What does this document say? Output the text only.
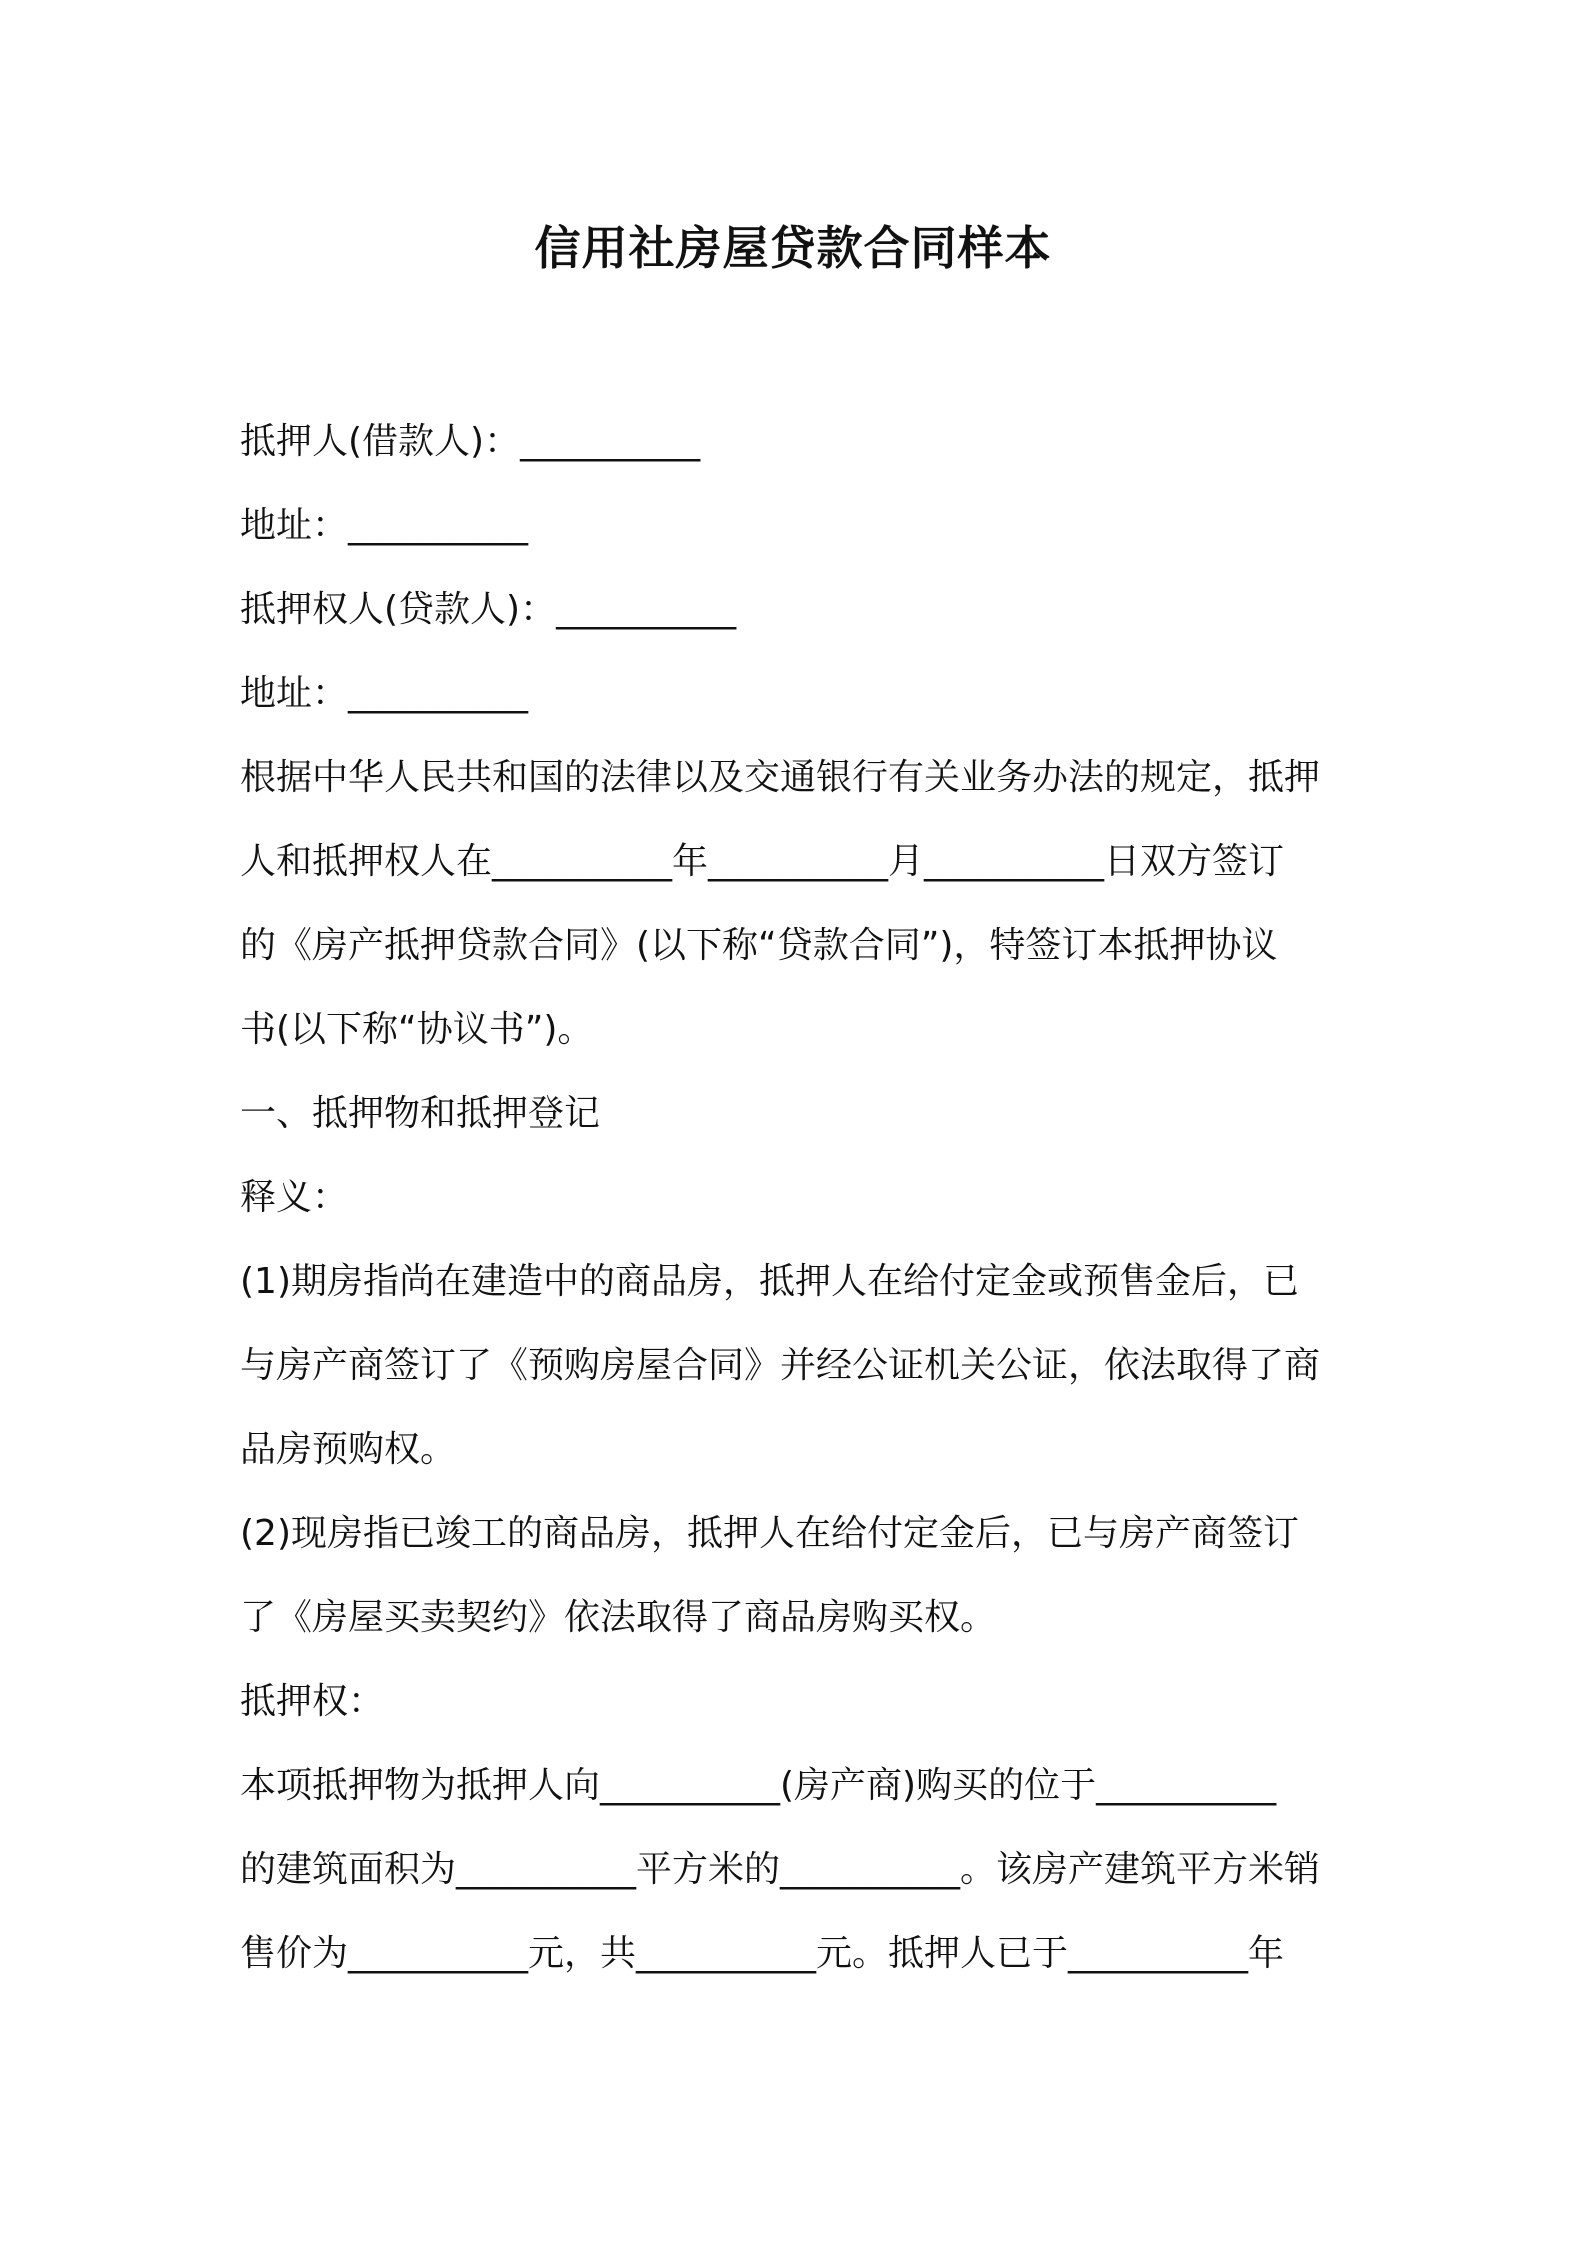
信用社房屋贷款合同样本
抵押人(借款人)：__________
地址：__________
抵押权人(贷款人)：__________
地址：__________
根据中华人民共和国的法律以及交通银行有关业务办法的规定，抵押
人和抵押权人在__________年__________月__________日双方签订
的《房产抵押贷款合同》(以下称“贷款合同”)，特签订本抵押协议
书(以下称“协议书”)。
一、抵押物和抵押登记
释义：
(1)期房指尚在建造中的商品房，抵押人在给付定金或预售金后，已
与房产商签订了《预购房屋合同》并经公证机关公证，依法取得了商
品房预购权。
(2)现房指已竣工的商品房，抵押人在给付定金后，已与房产商签订
了《房屋买卖契约》依法取得了商品房购买权。
抵押权：
本项抵押物为抵押人向__________(房产商)购买的位于__________
的建筑面积为__________平方米的__________。该房产建筑平方米销
售价为__________元，共__________元。抵押人已于__________年
